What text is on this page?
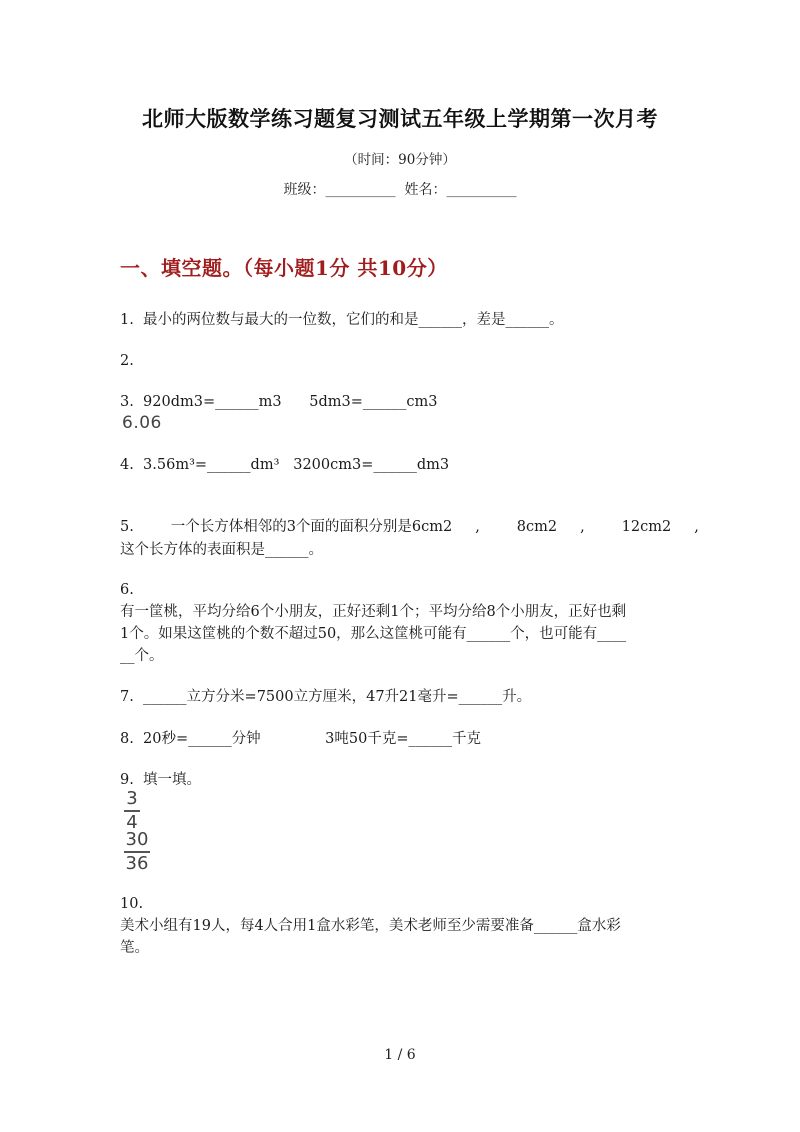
北师大版数学练习题复习测试五年级上学期第一次月考
（时间：90分钟）
班级：__________  姓名：__________
一、填空题。（每小题1分 共10分）
1.  最小的两位数与最大的一位数，它们的和是______，差是______。
2.
3.  920dm3=______m3      5dm3=______cm3
6.06
4.  3.56m³=______dm³   3200cm3=______dm3
5.        一个长方体相邻的3个面的面积分别是6cm2     ,        8cm2     ,        12cm2     ,
这个长方体的表面积是______。
6.
有一筐桃，平均分给6个小朋友，正好还剩1个；平均分给8个小朋友，正好也剩
1个。如果这筐桃的个数不超过50，那么这筐桃可能有______个，也可能有____
__个。
7.  ______立方分米=7500立方厘米，47升21毫升=______升。
8.  20秒=______分钟              3吨50千克=______千克
9.  填一填。
3
4
30
36
10.
美术小组有19人，每4人合用1盒水彩笔，美术老师至少需要准备______盒水彩
笔。
1 / 6
